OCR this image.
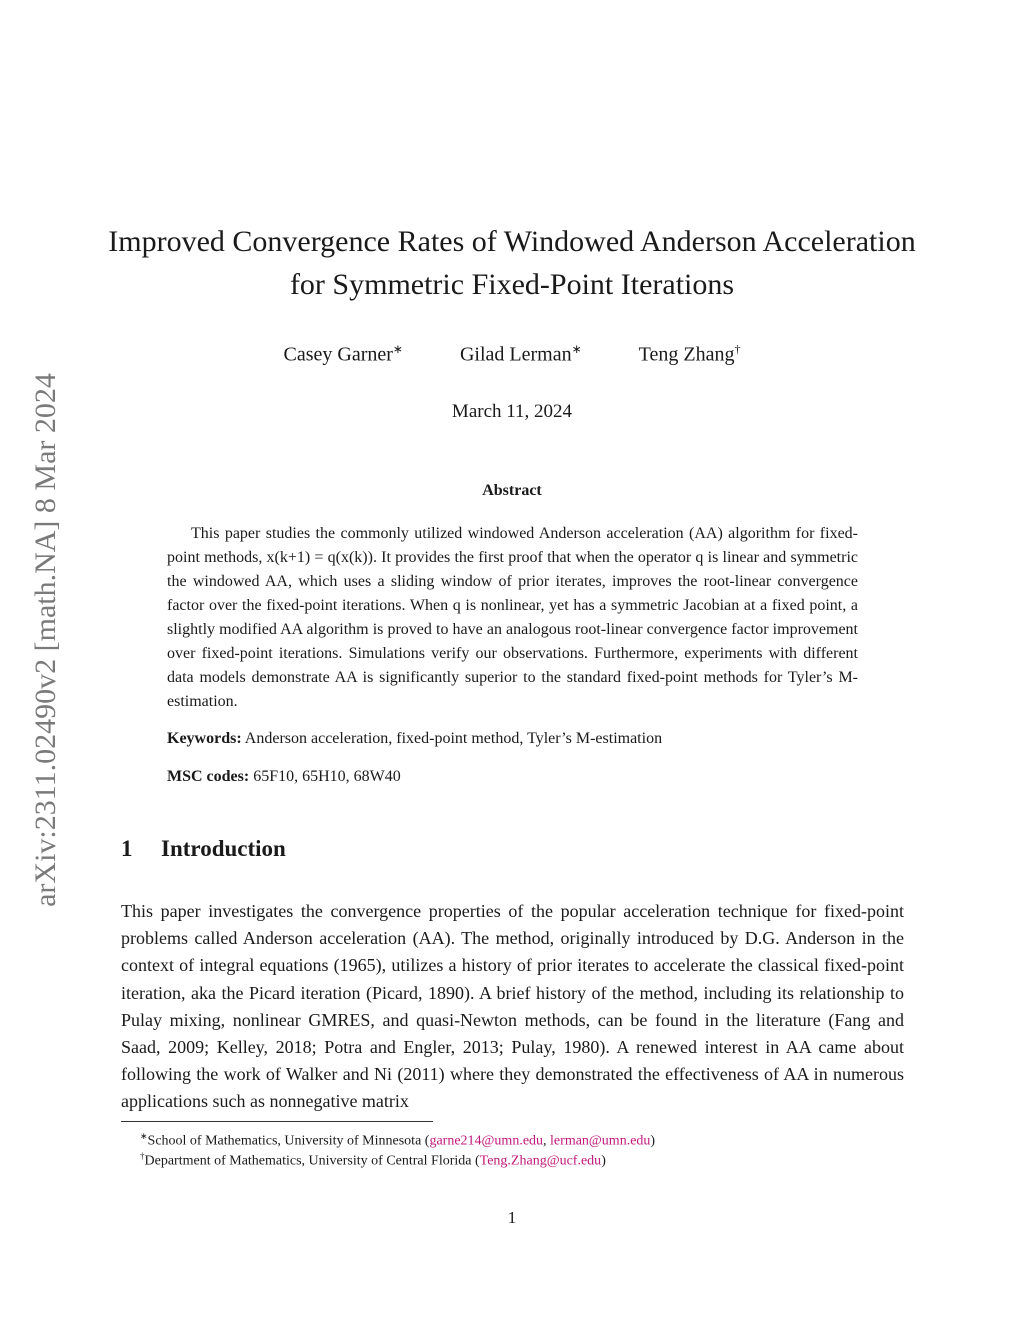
arXiv:2311.02490v2 [math.NA] 8 Mar 2024
Improved Convergence Rates of Windowed Anderson Acceleration
for Symmetric Fixed-Point Iterations
Casey Garner∗	Gilad Lerman∗	Teng Zhang†
March 11, 2024
Abstract
This paper studies the commonly utilized windowed Anderson acceleration (AA) algorithm for fixed-point methods, x(k+1) = q(x(k)). It provides the first proof that when the operator q is linear and symmetric the windowed AA, which uses a sliding window of prior iterates, improves the root-linear convergence factor over the fixed-point iterations. When q is nonlinear, yet has a symmetric Jacobian at a fixed point, a slightly modified AA algorithm is proved to have an analogous root-linear convergence factor improvement over fixed-point iterations. Simulations verify our observations. Furthermore, experiments with different data models demonstrate AA is significantly superior to the standard fixed-point methods for Tyler’s M-estimation.
Keywords: Anderson acceleration, fixed-point method, Tyler’s M-estimation
MSC codes: 65F10, 65H10, 68W40
1 Introduction
This paper investigates the convergence properties of the popular acceleration technique for fixed-point problems called Anderson acceleration (AA). The method, originally introduced by D.G. Anderson in the context of integral equations (1965), utilizes a history of prior iterates to accelerate the classical fixed-point iteration, aka the Picard iteration (Picard, 1890). A brief history of the method, including its relationship to Pulay mixing, nonlinear GMRES, and quasi-Newton methods, can be found in the literature (Fang and Saad, 2009; Kelley, 2018; Potra and Engler, 2013; Pulay, 1980). A renewed interest in AA came about following the work of Walker and Ni (2011) where they demonstrated the effectiveness of AA in numerous applications such as nonnegative matrix
∗School of Mathematics, University of Minnesota (garne214@umn.edu, lerman@umn.edu)
†Department of Mathematics, University of Central Florida (Teng.Zhang@ucf.edu)
1
